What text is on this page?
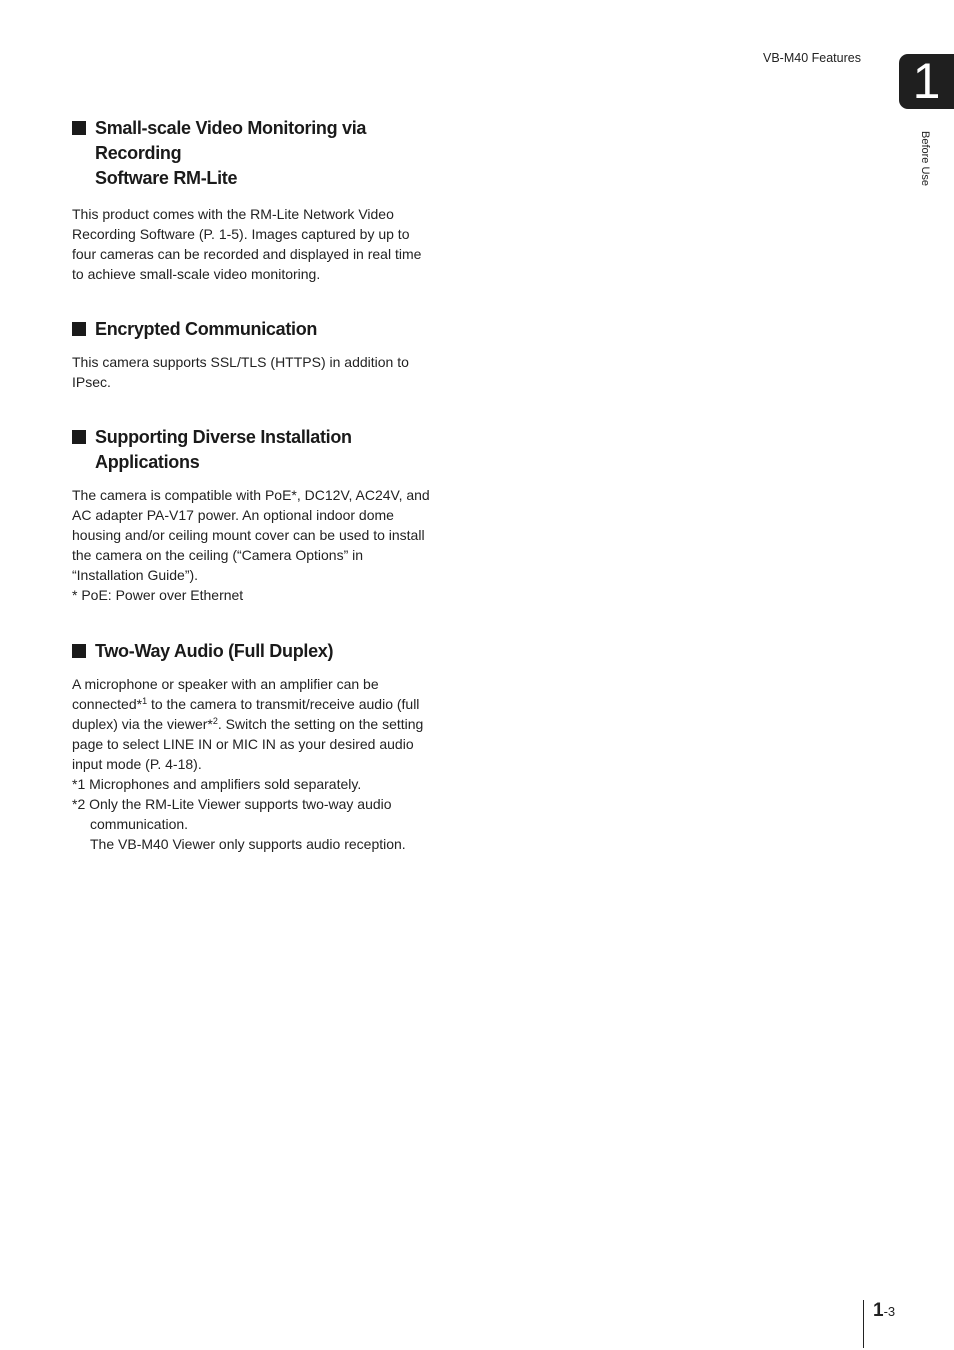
VB-M40 Features 1
Before Use
Small-scale Video Monitoring via Recording
Software RM-Lite

This product comes with the RM-Lite Network Video

Recording Software (P. 1-5). Images captured by up to

four cameras can be recorded and displayed in real time

to achieve small-scale video monitoring.

Encrypted Communication

This camera supports SSL/TLS (HTTPS) in addition to

IPsec.

Supporting Diverse Installation Applications

The camera is compatible with PoE*, DC12V, AC24V, and

AC adapter PA-V17 power. An optional indoor dome

housing and/or ceiling mount cover can be used to install

the camera on the ceiling (“Camera Options” in

“Installation Guide”).

* PoE: Power over Ethernet

Two-Way Audio (Full Duplex)

A microphone or speaker with an amplifier can be

connected*$^1$ to the camera to transmit/receive audio (full

duplex) via the viewer*$^2$. Switch the setting on the setting

page to select LINE IN or MIC IN as your desired audio

input mode (P. 4-18).

*1 Microphones and amplifiers sold separately.

*2 Only the RM-Lite Viewer supports two-way audio

communication.

The VB-M40 Viewer only supports audio reception.

1-3
